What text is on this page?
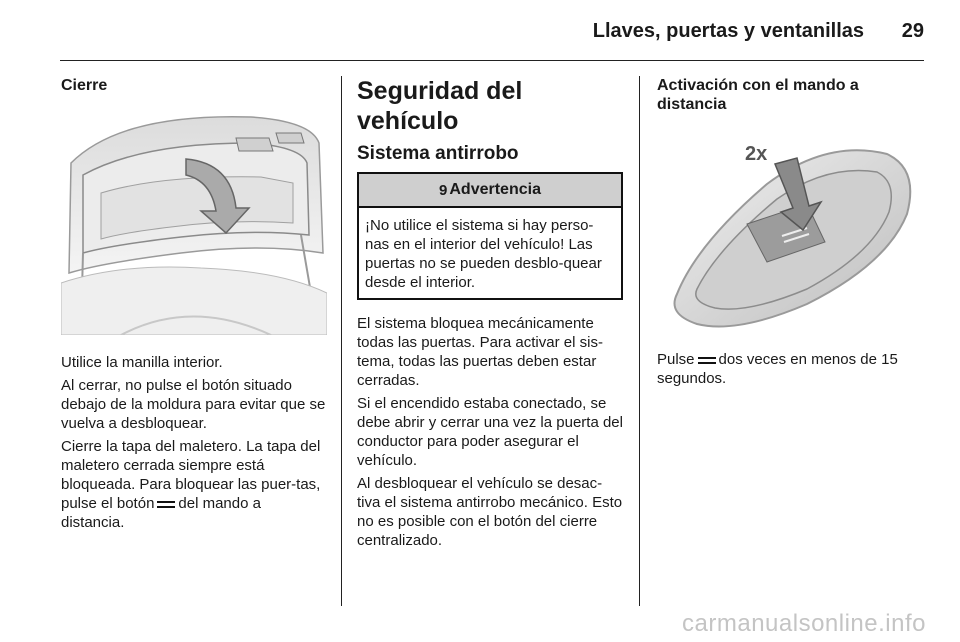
Llaves, puertas y ventanillas 29
Cierre

Utilice la manilla interior.

Al cerrar, no pulse el botón situado debajo de la moldura para evitar que se vuelva a desbloquear.

Cierre la tapa del maletero. La tapa del maletero cerrada siempre está bloqueada. Para bloquear las puer-tas, pulse el botón del mando a distancia.

Seguridad del vehículo
Sistema antirrobo
9 Advertencia
¡No utilice el sistema si hay perso-nas en el interior del vehículo! Las puertas no se pueden desblo-quear desde el interior.

El sistema bloquea mecánicamente todas las puertas. Para activar el sis-tema, todas las puertas deben estar cerradas.

Si el encendido estaba conectado, se debe abrir y cerrar una vez la puerta del conductor para poder asegurar el vehículo.

Al desbloquear el vehículo se desac-tiva el sistema antirrobo mecánico. Esto no es posible con el botón del cierre centralizado.

Activación con el mando a distancia
2x

Pulse dos veces en menos de 15 segundos.

carmanualsonline.info
